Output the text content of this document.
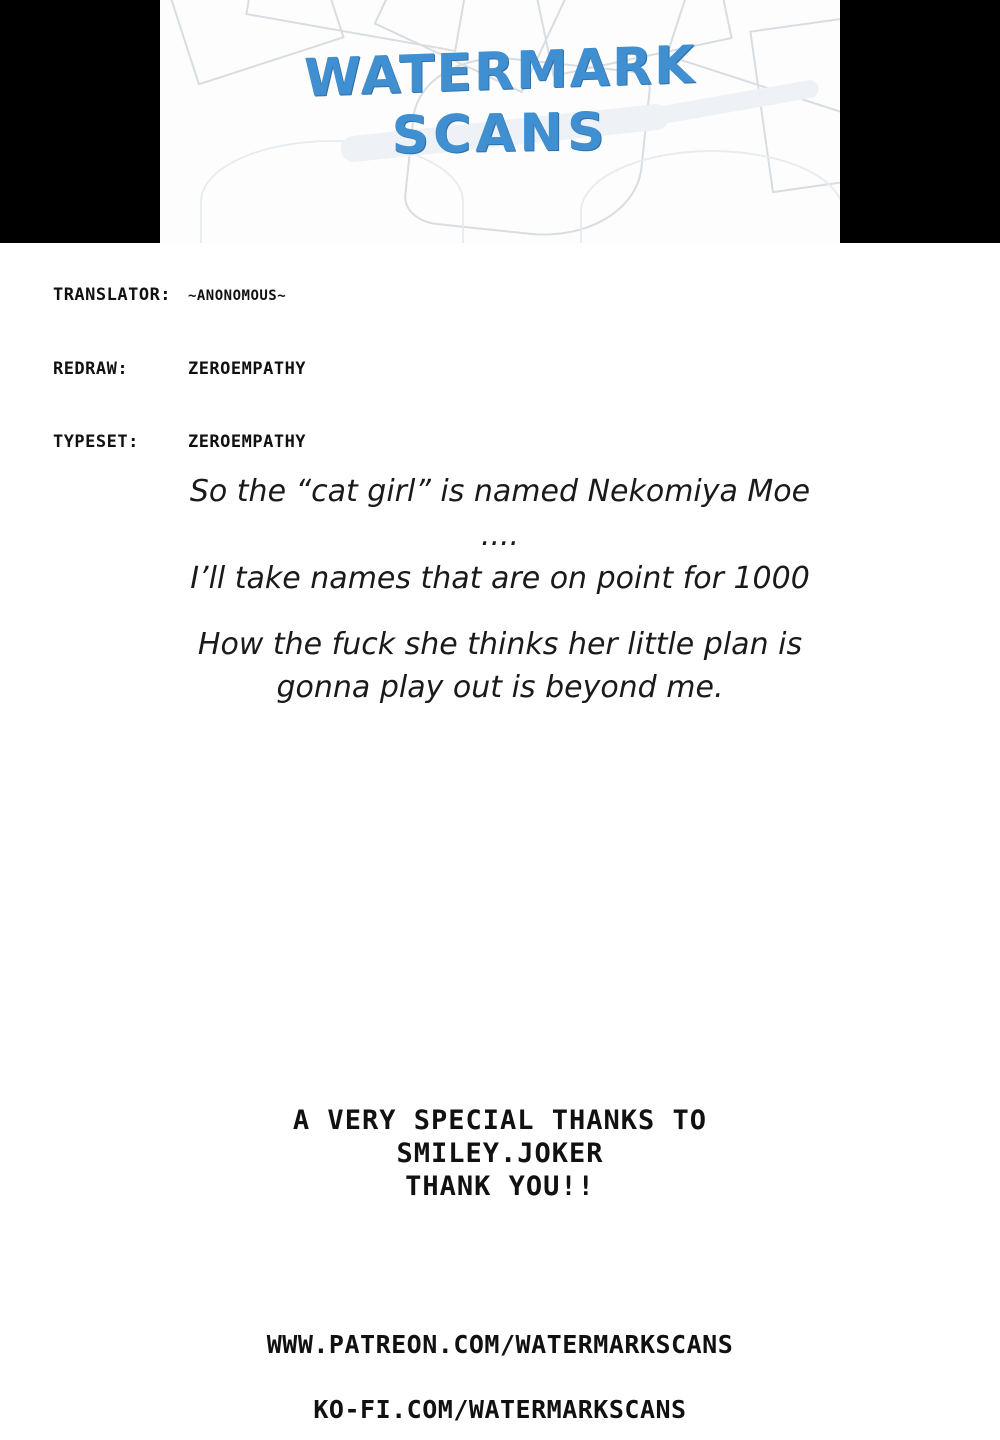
WATERMARK
SCANS

TRANSLATOR: ~ANONOMOUS~

REDRAW:	ZEROEMPATHY

TYPESET:	ZEROEMPATHY

So the “cat girl” is named Nekomiya Moe

....

I’ll take names that are on point for 1000

How the fuck she thinks her little plan is

gonna play out is beyond me.

A VERY SPECIAL THANKS TO
SMILEY.JOKER
THANK YOU!!
WWW.PATREON.COM/WATERMARKSCANS
KO-FI.COM/WATERMARKSCANS
